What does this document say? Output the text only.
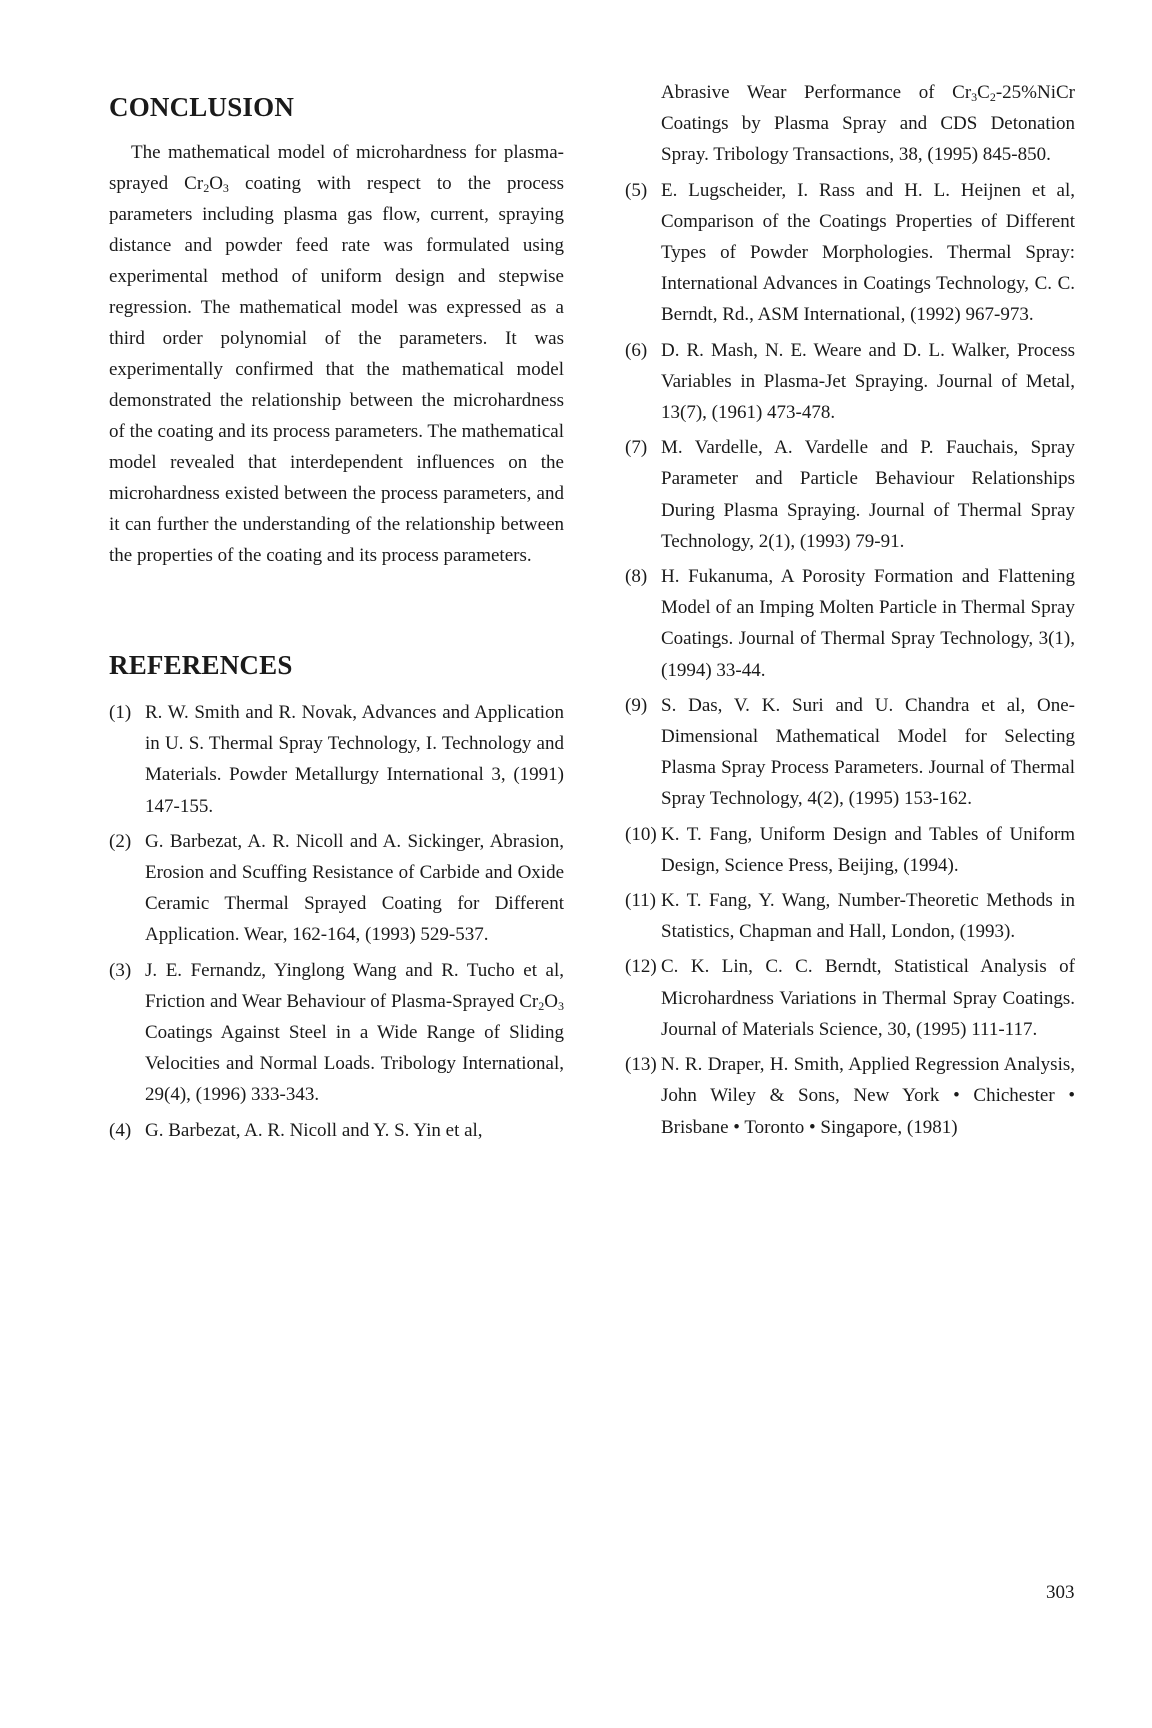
CONCLUSION

The mathematical model of microhardness for plasma-sprayed $Cr_2O_3$ coating with respect to the process parameters including plasma gas flow, current, spraying distance and powder feed rate was formulated using experimental method of uniform design and stepwise regression. The mathematical model was expressed as a third order polynomial of the parameters. It was experimentally confirmed that the mathematical model demonstrated the relationship between the microhardness of the coating and its process parameters. The mathematical model revealed that interdependent influences on the microhardness existed between the process parameters, and it can further the understanding of the relationship between the properties of the coating and its process parameters.

REFERENCES
(1) R. W. Smith and R. Novak, Advances and Application in U. S. Thermal Spray Technology, I. Technology and Materials. Powder Metallurgy International 3, (1991) 147-155.
(2) G. Barbezat, A. R. Nicoll and A. Sickinger, Abrasion, Erosion and Scuffing Resistance of Carbide and Oxide Ceramic Thermal Sprayed Coating for Different Application. Wear, 162-164, (1993) 529-537.
(3) J. E. Fernandz, Yinglong Wang and R. Tucho et al, Friction and Wear Behaviour of Plasma-Sprayed $Cr_2O_3$ Coatings Against Steel in a Wide Range of Sliding Velocities and Normal Loads. Tribology International, 29(4), (1996) 333-343.
(4) G. Barbezat, A. R. Nicoll and Y. S. Yin et al,
Abrasive Wear Performance of $Cr_3C_2-25\%NiCr$ Coatings by Plasma Spray and CDS Detonation Spray. Tribology Transactions, 38, (1995) 845-850.
(5) E. Lugscheider, I. Rass and H. L. Heijnen et al, Comparison of the Coatings Properties of Different Types of Powder Morphologies. Thermal Spray: International Advances in Coatings Technology, C. C. Berndt, Rd., ASM International, (1992) 967-973.
(6) D. R. Mash, N. E. Weare and D. L. Walker, Process Variables in Plasma-Jet Spraying. Journal of Metal, 13(7), (1961) 473-478.
(7) M. Vardelle, A. Vardelle and P. Fauchais, Spray Parameter and Particle Behaviour Relationships During Plasma Spraying. Journal of Thermal Spray Technology, 2(1), (1993) 79-91.
(8) H. Fukanuma, A Porosity Formation and Flattening Model of an Imping Molten Particle in Thermal Spray Coatings. Journal of Thermal Spray Technology, 3(1), (1994) 33-44.
(9) S. Das, V. K. Suri and U. Chandra et al, One-Dimensional Mathematical Model for Selecting Plasma Spray Process Parameters. Journal of Thermal Spray Technology, 4(2), (1995) 153-162.
(10) K. T. Fang, Uniform Design and Tables of Uniform Design, Science Press, Beijing, (1994).
(11) K. T. Fang, Y. Wang, Number-Theoretic Methods in Statistics, Chapman and Hall, London, (1993).
(12) C. K. Lin, C. C. Berndt, Statistical Analysis of Microhardness Variations in Thermal Spray Coatings. Journal of Materials Science, 30, (1995) 111-117.
(13) N. R. Draper, H. Smith, Applied Regression Analysis, John Wiley & Sons, New York • Chichester • Brisbane • Toronto • Singapore, (1981)
303
